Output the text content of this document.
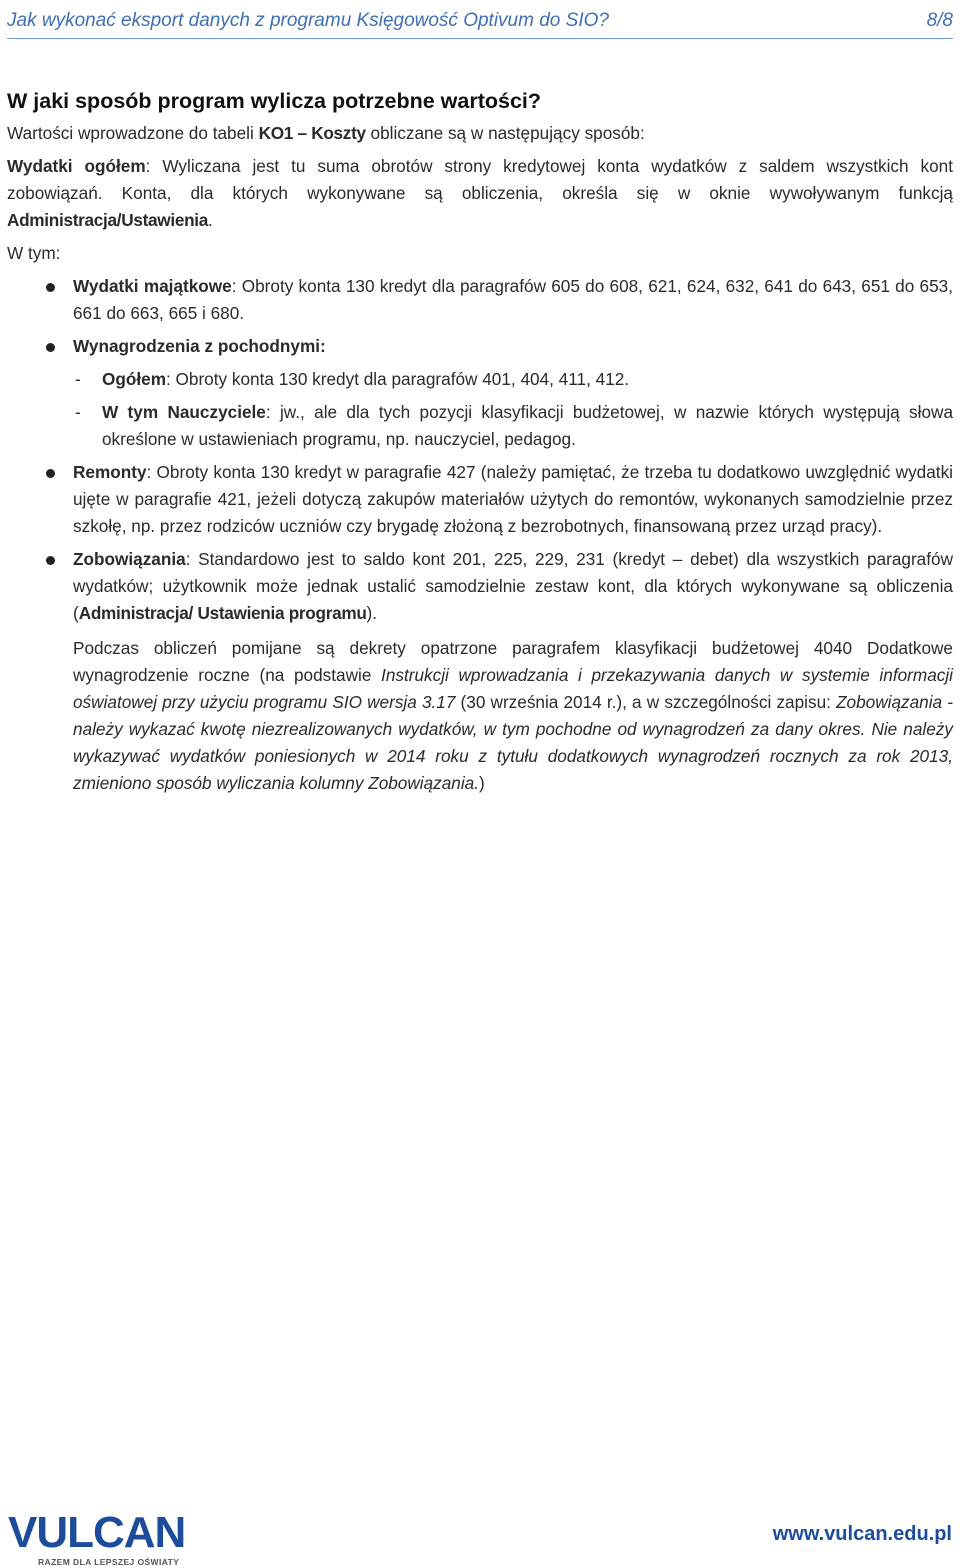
Jak wykonać eksport danych z programu Księgowość Optivum do SIO?	8/8
W jaki sposób program wylicza potrzebne wartości?

Wartości wprowadzone do tabeli KO1 – Koszty obliczane są w następujący sposób:

Wydatki ogółem: Wyliczana jest tu suma obrotów strony kredytowej konta wydatków z saldem wszystkich kont zobowiązań. Konta, dla których wykonywane są obliczenia, określa się w oknie wywoływanym funkcją Administracja/Ustawienia.

W tym:

Wydatki majątkowe: Obroty konta 130 kredyt dla paragrafów 605 do 608, 621, 624, 632, 641 do 643, 651 do 653, 661 do 663, 665 i 680.
Wynagrodzenia z pochodnymi:
- Ogółem: Obroty konta 130 kredyt dla paragrafów 401, 404, 411, 412.
- W tym Nauczyciele: jw., ale dla tych pozycji klasyfikacji budżetowej, w nazwie których występują słowa określone w ustawieniach programu, np. nauczyciel, pedagog.
Remonty: Obroty konta 130 kredyt w paragrafie 427 (należy pamiętać, że trzeba tu dodatkowo uwzględnić wydatki ujęte w paragrafie 421, jeżeli dotyczą zakupów materiałów użytych do remontów, wykonanych samodzielnie przez szkołę, np. przez rodziców uczniów czy brygadę złożoną z bezrobotnych, finansowaną przez urząd pracy).
Zobowiązania: Standardowo jest to saldo kont 201, 225, 229, 231 (kredyt – debet) dla wszystkich paragrafów wydatków; użytkownik może jednak ustalić samodzielnie zestaw kont, dla których wykonywane są obliczenia (Administracja/ Ustawienia programu).

Podczas obliczeń pomijane są dekrety opatrzone paragrafem klasyfikacji budżetowej 4040 Dodatkowe wynagrodzenie roczne (na podstawie Instrukcji wprowadzania i przekazywania danych w systemie informacji oświatowej przy użyciu programu SIO wersja 3.17 (30 września 2014 r.), a w szczególności zapisu: Zobowiązania - należy wykazać kwotę niezrealizowanych wydatków, w tym pochodne od wynagrodzeń za dany okres. Nie należy wykazywać wydatków poniesionych w 2014 roku z tytułu dodatkowych wynagrodzeń rocznych za rok 2013, zmieniono sposób wyliczania kolumny Zobowiązania.)

VULCAN
RAZEM DLA LEPSZEJ OŚWIATY
www.vulcan.edu.pl
